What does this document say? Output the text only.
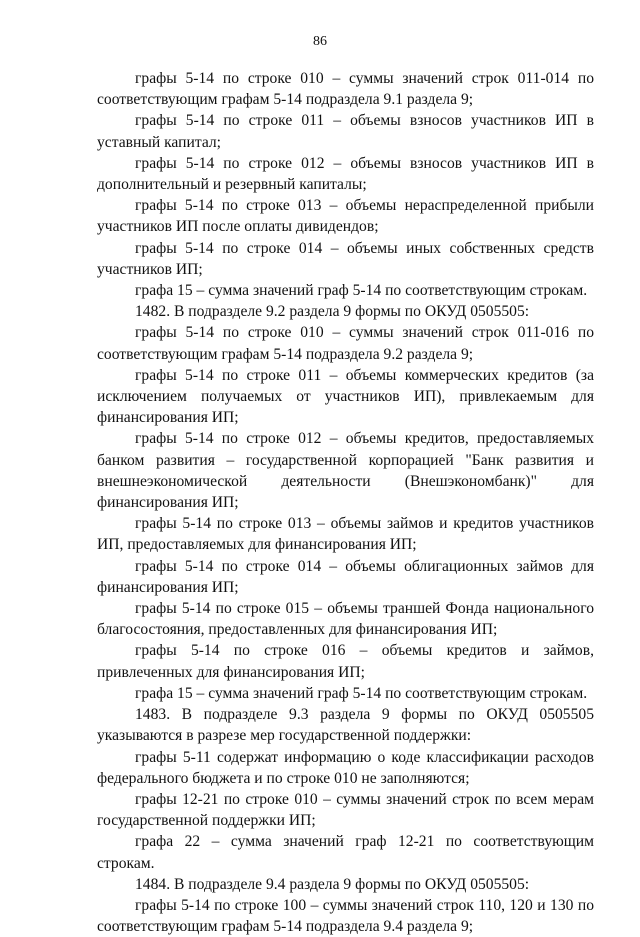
86

графы 5-14 по строке 010 – суммы значений строк 011-014 по соответствующим графам 5-14 подраздела 9.1 раздела 9;

графы 5-14 по строке 011 – объемы взносов участников ИП в уставный капитал;

графы 5-14 по строке 012 – объемы взносов участников ИП в дополнительный и резервный капиталы;

графы 5-14 по строке 013 – объемы нераспределенной прибыли участников ИП после оплаты дивидендов;

графы 5-14 по строке 014 – объемы иных собственных средств участников ИП;

графа 15 – сумма значений граф 5-14 по соответствующим строкам.

1482. В подразделе 9.2 раздела 9 формы по ОКУД 0505505:

графы 5-14 по строке 010 – суммы значений строк 011-016 по соответствующим графам 5-14 подраздела 9.2 раздела 9;

графы 5-14 по строке 011 – объемы коммерческих кредитов (за исключением получаемых от участников ИП), привлекаемым для финансирования ИП;

графы 5-14 по строке 012 – объемы кредитов, предоставляемых банком развития – государственной корпорацией "Банк развития и внешнеэкономической деятельности (Внешэкономбанк)" для финансирования ИП;

графы 5-14 по строке 013 – объемы займов и кредитов участников ИП, предоставляемых для финансирования ИП;

графы 5-14 по строке 014 – объемы облигационных займов для финансирования ИП;

графы 5-14 по строке 015 – объемы траншей Фонда национального благосостояния, предоставленных для финансирования ИП;

графы 5-14 по строке 016 – объемы кредитов и займов, привлеченных для финансирования ИП;

графа 15 – сумма значений граф 5-14 по соответствующим строкам.

1483. В подразделе 9.3 раздела 9 формы по ОКУД 0505505 указываются в разрезе мер государственной поддержки:

графы 5-11 содержат информацию о коде классификации расходов федерального бюджета и по строке 010 не заполняются;

графы 12-21 по строке 010 – суммы значений строк по всем мерам государственной поддержки ИП;

графа 22 – сумма значений граф 12-21 по соответствующим строкам.

1484. В подразделе 9.4 раздела 9 формы по ОКУД 0505505:

графы 5-14 по строке 100 – суммы значений строк 110, 120 и 130 по соответствующим графам 5-14 подраздела 9.4 раздела 9;
